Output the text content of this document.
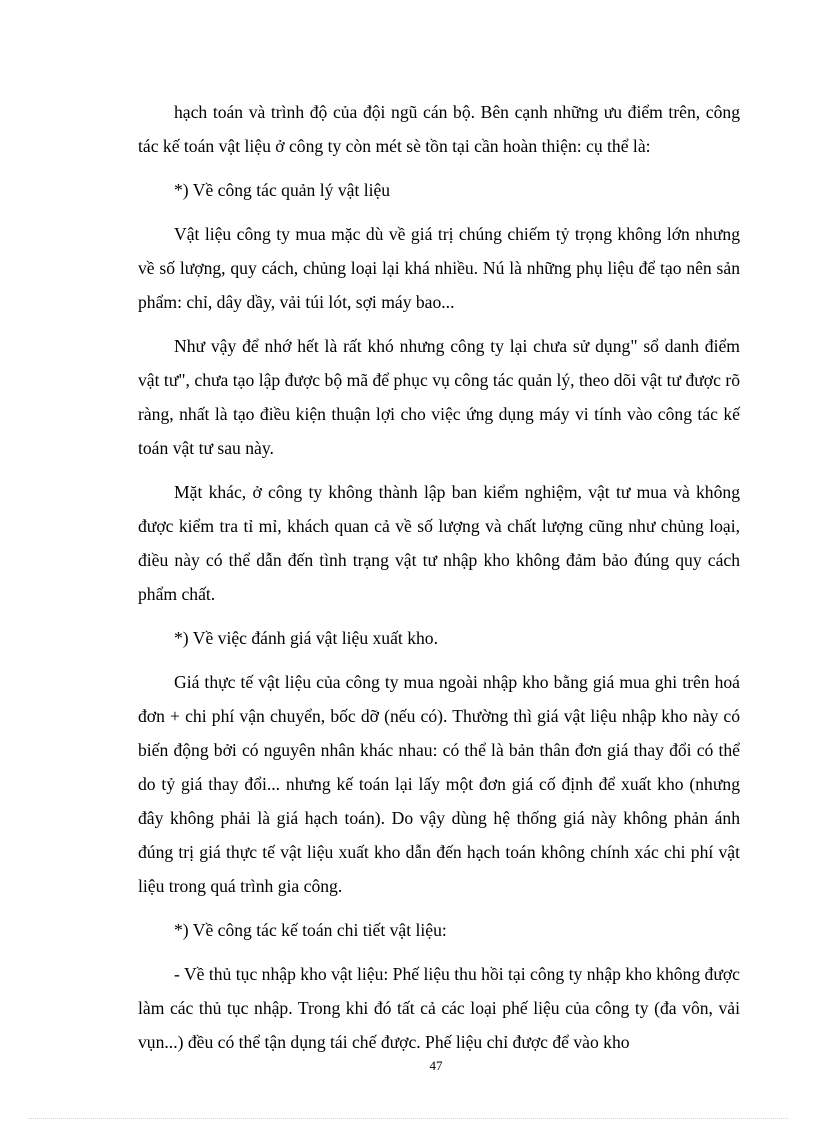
hạch toán và trình độ của đội ngũ cán bộ. Bên cạnh những ưu điểm trên, công tác kế toán vật liệu ở công ty còn mét sè tồn tại cần hoàn thiện: cụ thể là:

*) Về công tác quản lý vật liệu

Vật liệu công ty mua mặc dù về giá trị chúng chiếm tỷ trọng không lớn nhưng về số lượng, quy cách, chủng loại lại khá nhiều. Nú là những phụ liệu để tạo nên sản phẩm: chỉ, dây dầy, vải túi lót, sợi máy bao...

Như vậy để nhớ hết là rất khó nhưng công ty lại chưa sử dụng" sổ danh điểm vật tư", chưa tạo lập được bộ mã để phục vụ công tác quản lý, theo dõi vật tư được rõ ràng, nhất là tạo điều kiện thuận lợi cho việc ứng dụng máy vi tính vào công tác kế toán vật tư sau này.

Mặt khác, ở công ty không thành lập ban kiểm nghiệm, vật tư mua và không được kiểm tra tỉ mỉ, khách quan cả về số lượng và chất lượng cũng như chủng loại, điều này có thể dẫn đến tình trạng vật tư nhập kho không đảm bảo đúng quy cách phẩm chất.

*) Về việc đánh giá vật liệu xuất kho.

Giá thực tế vật liệu của công ty mua ngoài nhập kho bằng giá mua ghi trên hoá đơn + chi phí vận chuyển, bốc dỡ (nếu có). Thường thì giá vật liệu nhập kho này có biến động bởi có nguyên nhân khác nhau: có thể là bản thân đơn giá thay đổi có thể do tỷ giá thay đổi... nhưng kế toán lại lấy một đơn giá cố định để xuất kho (nhưng đây không phải là giá hạch toán). Do vậy dùng hệ thống giá này không phản ánh đúng trị giá thực tế vật liệu xuất kho dẫn đến hạch toán không chính xác chi phí vật liệu trong quá trình gia công.

*) Về công tác kế toán chi tiết vật liệu:

- Về thủ tục nhập kho vật liệu: Phế liệu thu hồi tại công ty nhập kho không được làm các thủ tục nhập. Trong khi đó tất cả các loại phế liệu của công ty (đa vôn, vải vụn...) đều có thể tận dụng tái chế được. Phế liệu chỉ được để vào kho

47
